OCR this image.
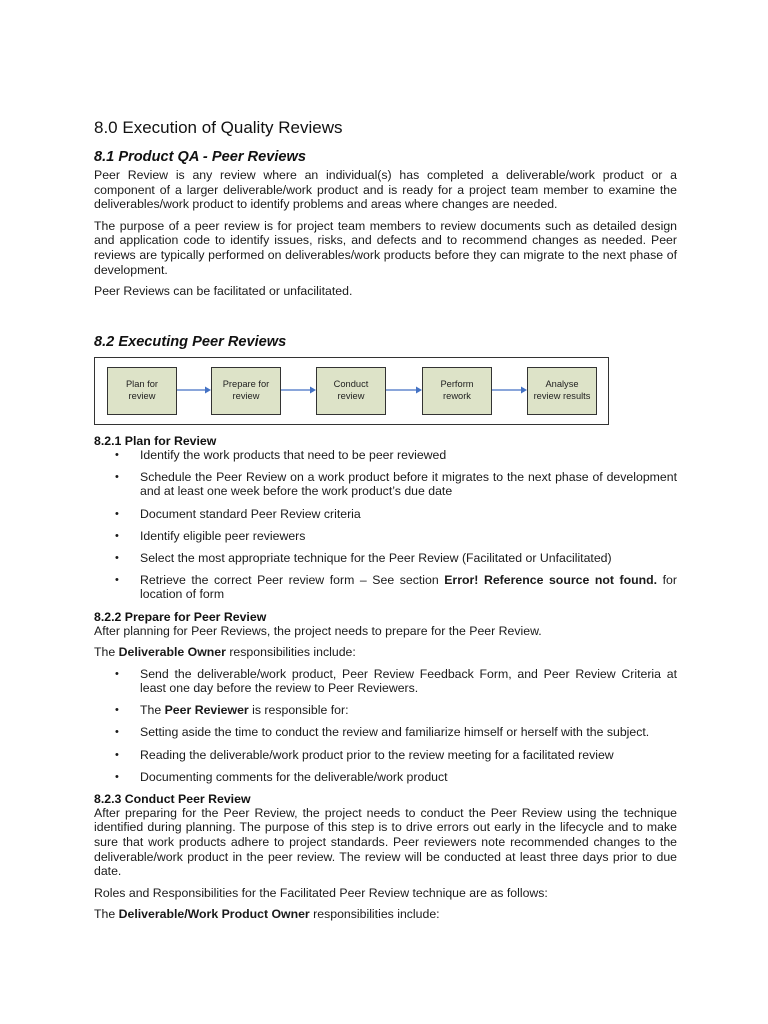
8.0 Execution of Quality Reviews
8.1 Product QA - Peer Reviews

Peer Review is any review where an individual(s) has completed a deliverable/work product or a component of a larger deliverable/work product and is ready for a project team member to examine the deliverables/work product to identify problems and areas where changes are needed.

The purpose of a peer review is for project team members to review documents such as detailed design and application code to identify issues, risks, and defects and to recommend changes as needed. Peer reviews are typically performed on deliverables/work products before they can migrate to the next phase of development.

Peer Reviews can be facilitated or unfacilitated.

8.2 Executing Peer Reviews
Plan for
review
Prepare for
review
Conduct
review
Perform
rework
Analyse
review results
8.2.1 Plan for Review
• Identify the work products that need to be peer reviewed
• Schedule the Peer Review on a work product before it migrates to the next phase of development and at least one week before the work product’s due date
• Document standard Peer Review criteria
• Identify eligible peer reviewers
• Select the most appropriate technique for the Peer Review (Facilitated or Unfacilitated)
• Retrieve the correct Peer review form – See section Error! Reference source not found. for location of form
8.2.2 Prepare for Peer Review

After planning for Peer Reviews, the project needs to prepare for the Peer Review.

The Deliverable Owner responsibilities include:

• Send the deliverable/work product, Peer Review Feedback Form, and Peer Review Criteria at least one day before the review to Peer Reviewers.
• The Peer Reviewer is responsible for:
• Setting aside the time to conduct the review and familiarize himself or herself with the subject.
• Reading the deliverable/work product prior to the review meeting for a facilitated review
• Documenting comments for the deliverable/work product
8.2.3 Conduct Peer Review

After preparing for the Peer Review, the project needs to conduct the Peer Review using the technique identified during planning. The purpose of this step is to drive errors out early in the lifecycle and to make sure that work products adhere to project standards. Peer reviewers note recommended changes to the deliverable/work product in the peer review. The review will be conducted at least three days prior to due date.

Roles and Responsibilities for the Facilitated Peer Review technique are as follows:

The Deliverable/Work Product Owner responsibilities include:
